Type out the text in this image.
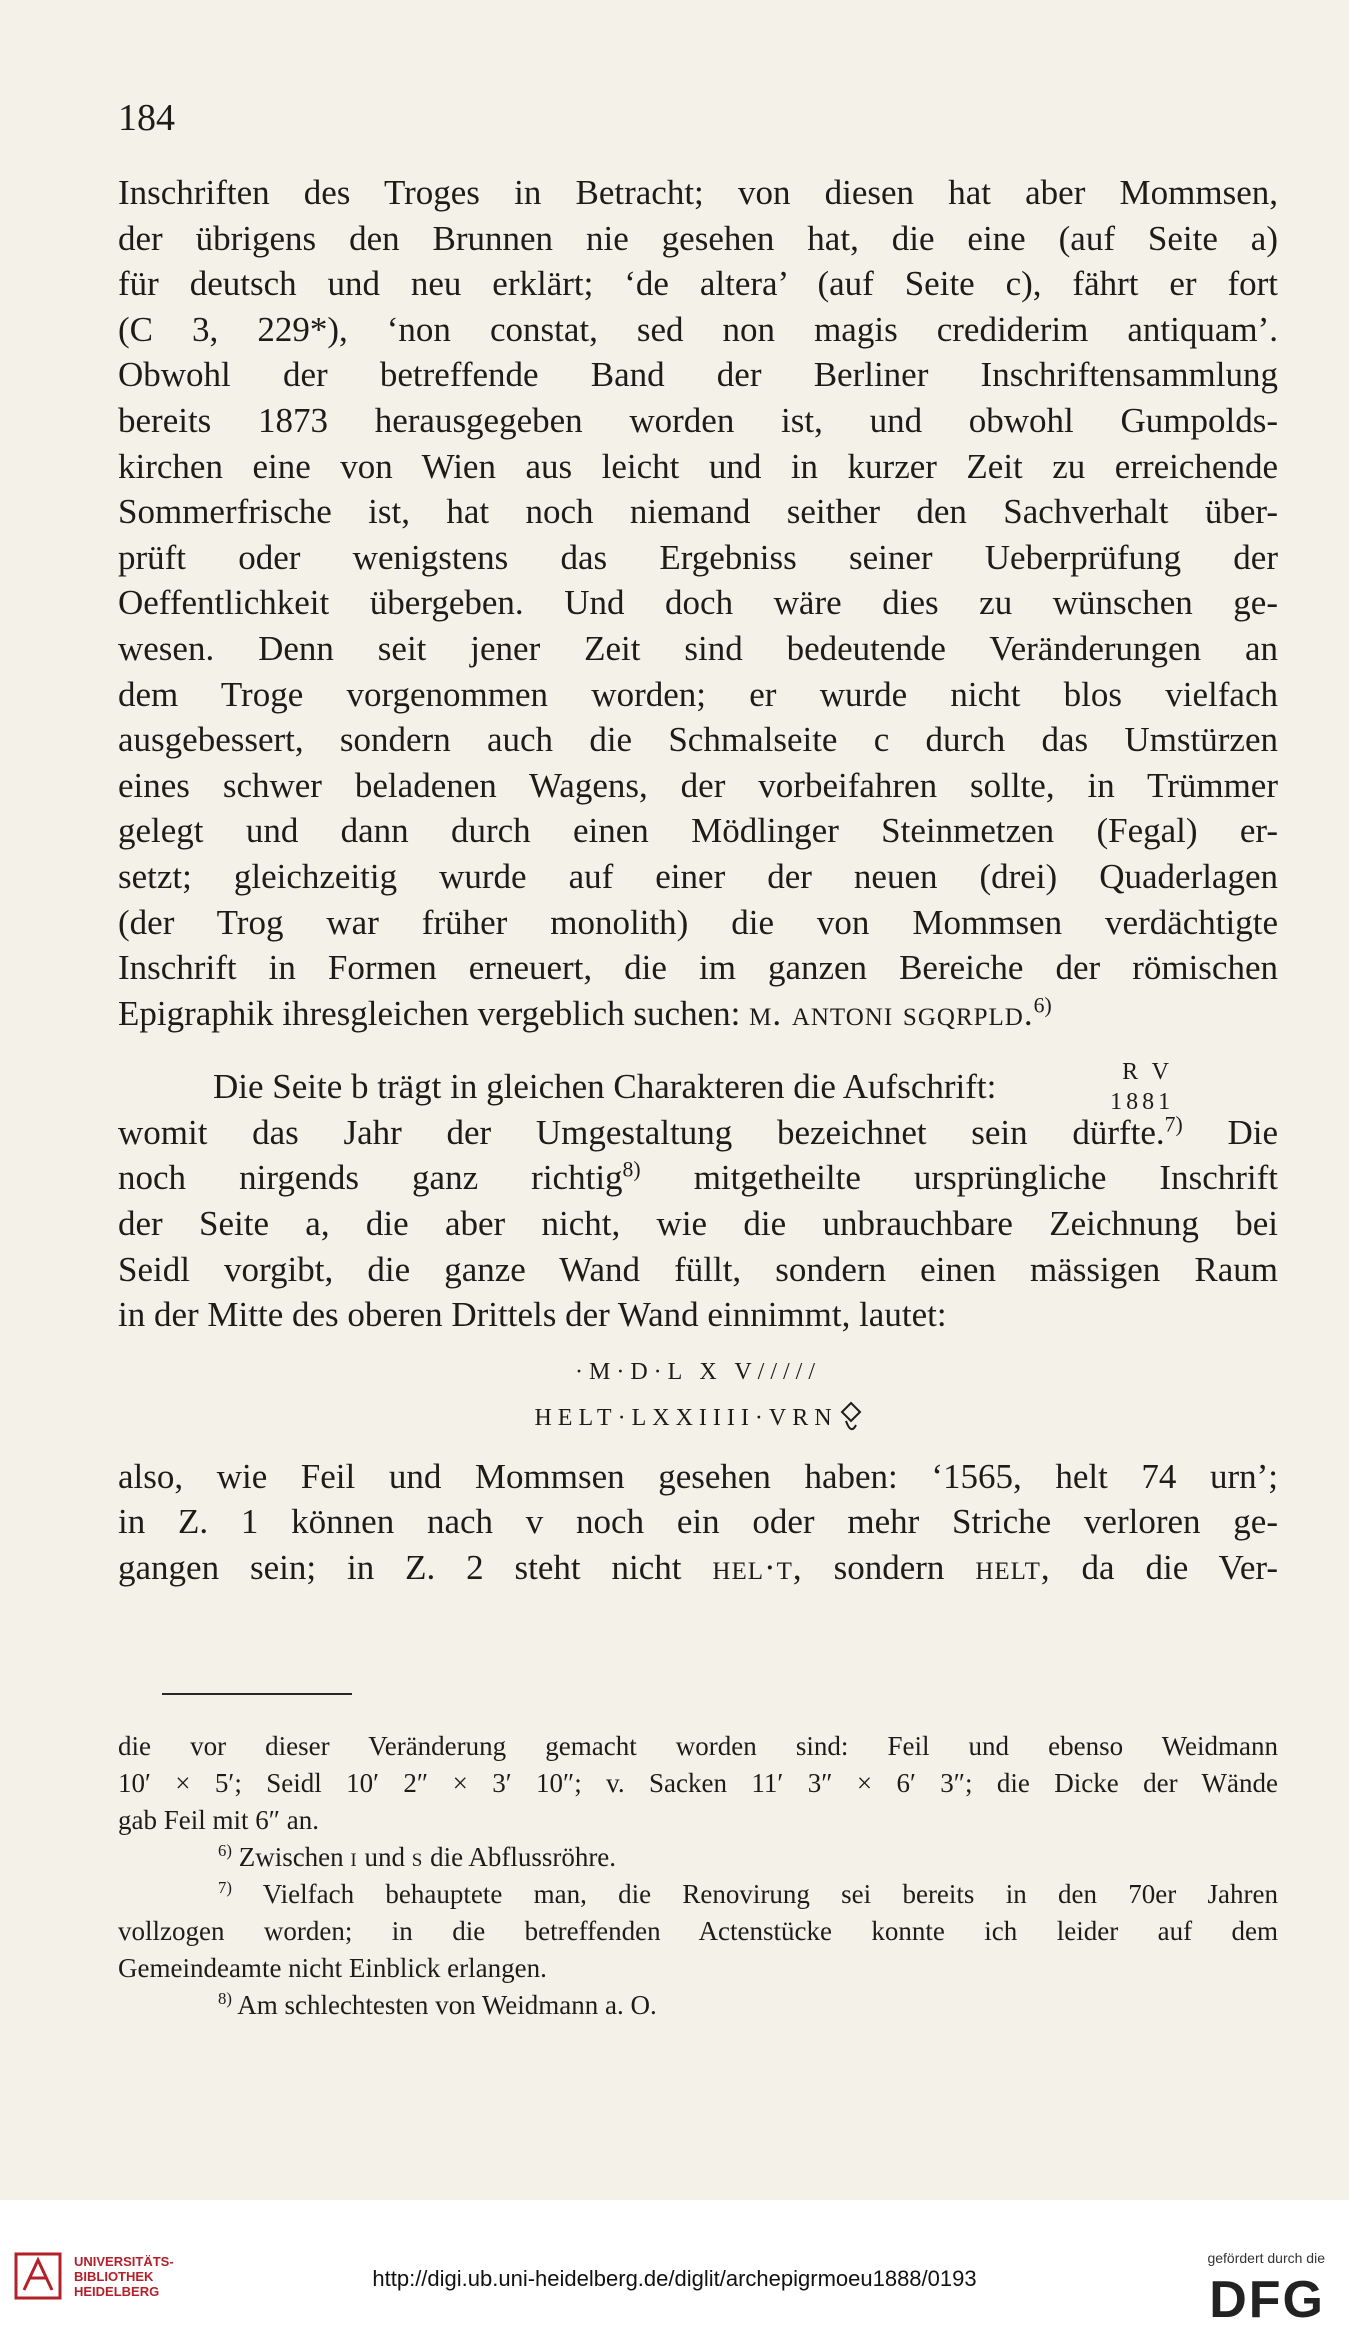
184
Inschriften des Troges in Betracht; von diesen hat aber Mommsen,
der übrigens den Brunnen nie gesehen hat, die eine (auf Seite a)
für deutsch und neu erklärt; ‘de altera’ (auf Seite c), fährt er fort
(C 3, 229*), ‘non constat, sed non magis crediderim antiquam’.
Obwohl der betreffende Band der Berliner Inschriftensammlung
bereits 1873 herausgegeben worden ist, und obwohl Gumpolds-
kirchen eine von Wien aus leicht und in kurzer Zeit zu erreichende
Sommerfrische ist, hat noch niemand seither den Sachverhalt über-
prüft oder wenigstens das Ergebniss seiner Ueberprüfung der
Oeffentlichkeit übergeben. Und doch wäre dies zu wünschen ge-
wesen. Denn seit jener Zeit sind bedeutende Veränderungen an
dem Troge vorgenommen worden; er wurde nicht blos vielfach
ausgebessert, sondern auch die Schmalseite c durch das Umstürzen
eines schwer beladenen Wagens, der vorbeifahren sollte, in Trümmer
gelegt und dann durch einen Mödlinger Steinmetzen (Fegal) er-
setzt; gleichzeitig wurde auf einer der neuen (drei) Quaderlagen
(der Trog war früher monolith) die von Mommsen verdächtigte
Inschrift in Formen erneuert, die im ganzen Bereiche der römischen
Epigraphik ihresgleichen vergeblich suchen: m. antoni sgqrpld.$^{6)}$
Die Seite b trägt in gleichen Charakteren die Aufschrift:	R V
1881
womit das Jahr der Umgestaltung bezeichnet sein dürfte.$^{7)}$ Die
noch nirgends ganz richtig$^{8)}$ mitgetheilte ursprüngliche Inschrift
der Seite a, die aber nicht, wie die unbrauchbare Zeichnung bei
Seidl vorgibt, die ganze Wand füllt, sondern einen mässigen Raum
in der Mitte des oberen Drittels der Wand einnimmt, lautet:
·M·D·L X V/////
HELT·LXXIIII·VRN
also, wie Feil und Mommsen gesehen haben: ‘1565, helt 74 urn’;
in Z. 1 können nach v noch ein oder mehr Striche verloren ge-
gangen sein; in Z. 2 steht nicht hel·t, sondern helt, da die Ver-
die vor dieser Veränderung gemacht worden sind: Feil und ebenso Weidmann
10′ × 5′; Seidl 10′ 2″ × 3′ 10″; v. Sacken 11′ 3″ × 6′ 3″; die Dicke der Wände
gab Feil mit 6″ an.
$^{6)}$ Zwischen i und s die Abflussröhre.
$^{7)}$ Vielfach behauptete man, die Renovirung sei bereits in den 70er Jahren
vollzogen worden; in die betreffenden Actenstücke konnte ich leider auf dem
Gemeindeamte nicht Einblick erlangen.
$^{8)}$ Am schlechtesten von Weidmann a. O.
UNIVERSITÄTS-
BIBLIOTHEK
HEIDELBERG
http://digi.ub.uni-heidelberg.de/diglit/archepigrmoeu1888/0193
gefördert durch die
DFG
